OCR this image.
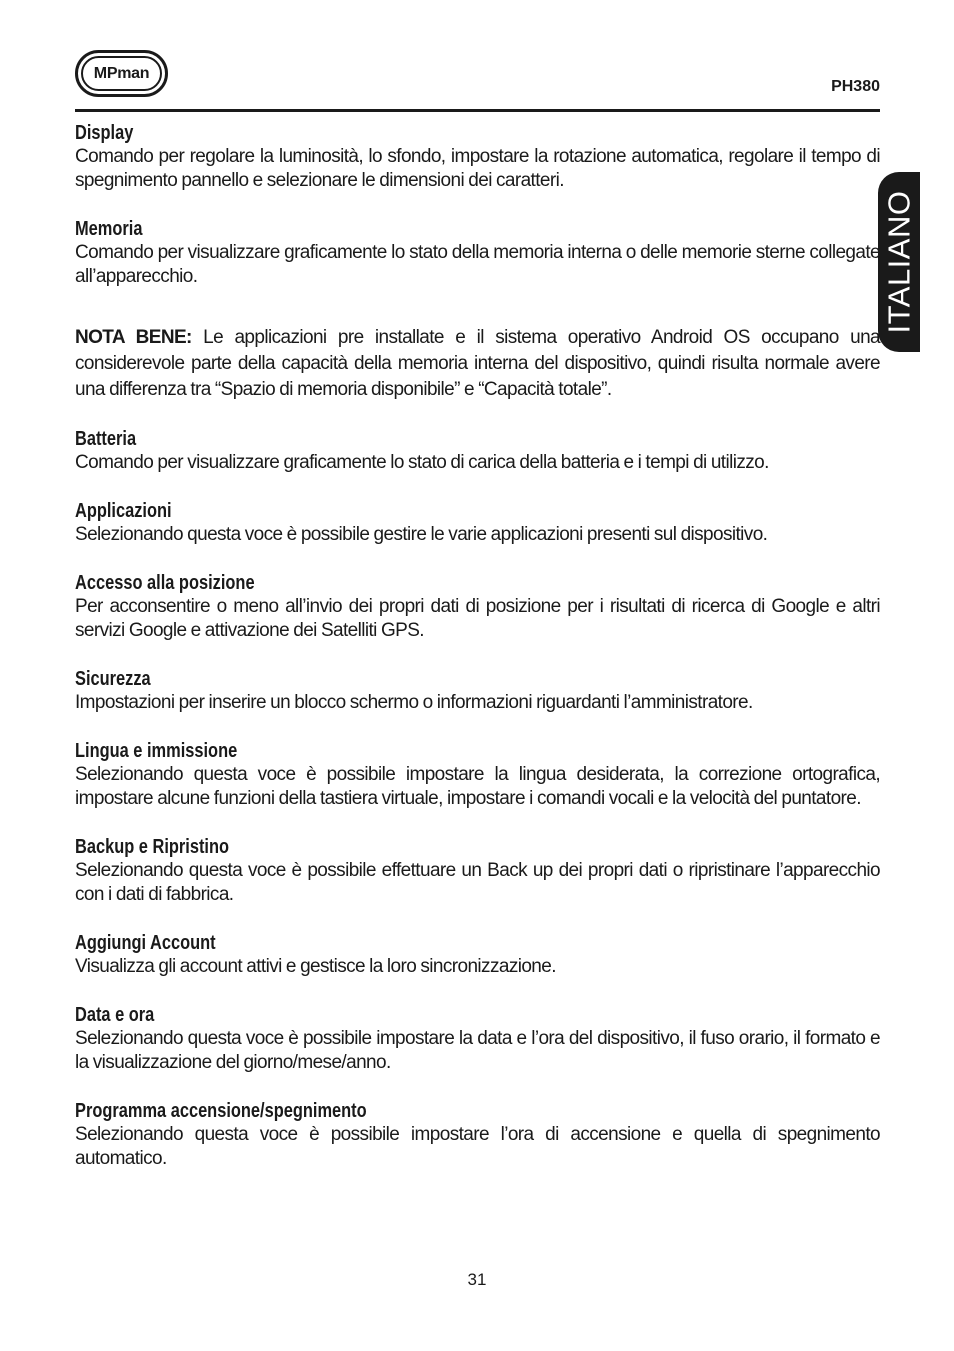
MPman
PH380
ITALIANO
Display

Comando per regolare la luminosità, lo sfondo, impostare la rotazione automatica, regolare il tempo di spegnimento pannello e selezionare le dimensioni dei caratteri.

Memoria

Comando per visualizzare graficamente lo stato della memoria interna o delle memorie sterne collegate all’apparecchio.

NOTA BENE: Le applicazioni pre installate e il sistema operativo Android OS occupano una considerevole parte della capacità della memoria interna del dispositivo, quindi risulta normale avere una differenza tra “Spazio di memoria disponibile” e “Capacità totale”.

Batteria

Comando per visualizzare graficamente lo stato di carica della batteria e i tempi di utilizzo.

Applicazioni

Selezionando questa voce è possibile gestire le varie applicazioni presenti sul dispositivo.

Accesso alla posizione

Per acconsentire o meno all’invio dei propri dati di posizione per i risultati di ricerca di Google e altri servizi Google e attivazione dei Satelliti GPS.

Sicurezza

Impostazioni per inserire un blocco schermo o informazioni riguardanti l’amministratore.

Lingua e immissione

Selezionando questa voce è possibile impostare la lingua desiderata, la correzione ortografica, impostare alcune funzioni della tastiera virtuale, impostare i comandi vocali e la velocità del puntatore.

Backup e Ripristino

Selezionando questa voce è possibile effettuare un Back up dei propri dati o ripristinare l’apparecchio con i dati di fabbrica.

Aggiungi Account

Visualizza gli account attivi e gestisce la loro sincronizzazione.

Data e ora

Selezionando questa voce è possibile impostare la data e l’ora del dispositivo, il fuso orario, il formato e la visualizzazione del giorno/mese/anno.

Programma accensione/spegnimento

Selezionando questa voce è possibile impostare l’ora di accensione e quella di spegnimento automatico.

31
